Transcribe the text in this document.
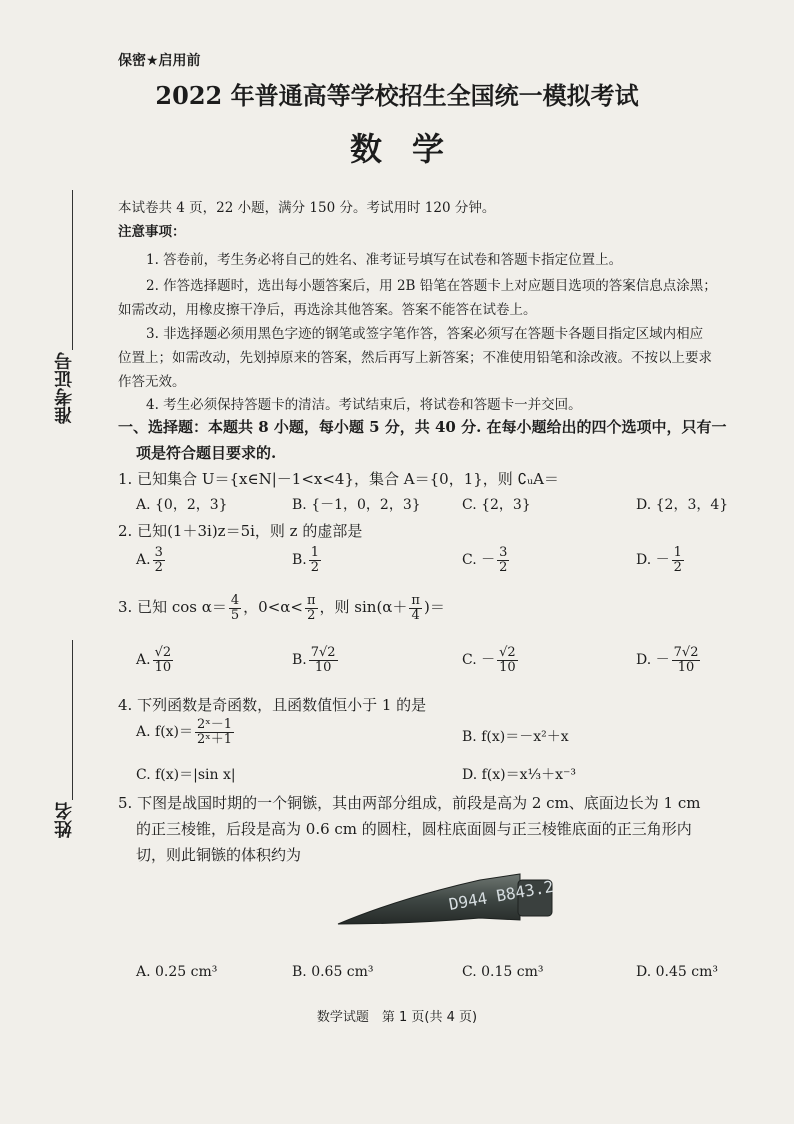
准考证号
姓名
保密★启用前
2022 年普通高等学校招生全国统一模拟考试
数学
本试卷共 4 页，22 小题，满分 150 分。考试用时 120 分钟。
注意事项：
1. 答卷前，考生务必将自己的姓名、准考证号填写在试卷和答题卡指定位置上。
2. 作答选择题时，选出每小题答案后，用 2B 铅笔在答题卡上对应题目选项的答案信息点涂黑；
如需改动，用橡皮擦干净后，再选涂其他答案。答案不能答在试卷上。
3. 非选择题必须用黑色字迹的钢笔或签字笔作答，答案必须写在答题卡各题目指定区域内相应
位置上；如需改动，先划掉原来的答案，然后再写上新答案；不准使用铅笔和涂改液。不按以上要求
作答无效。
4. 考生必须保持答题卡的清洁。考试结束后，将试卷和答题卡一并交回。
一、选择题：本题共 8 小题，每小题 5 分，共 40 分. 在每小题给出的四个选项中，只有一
项是符合题目要求的.
1. 已知集合 U＝{x∈N|－1<x<4}，集合 A＝{0，1}，则 ∁ᵤA＝
A. {0，2，3}	B. {－1，0，2，3}	C. {2，3}	D. {2，3，4}
2. 已知(1＋3i)z＝5i，则 z 的虚部是
A. $\frac{3}{2}$	B. $\frac{1}{2}$	C. － $\frac{3}{2}$	D. － $\frac{1}{2}$
3. 已知 $\cos \alpha= \frac{4}{5}$ ，$0<\alpha< \frac{\pi}{2}$ ，则 $\sin(\alpha+ \frac{\pi}{4}$ )＝
A. $\frac{√2}{10}$	B. $\frac{7√2}{10}$	C. － $\frac{√2}{10}$	D. － $\frac{7√2}{10}$
4. 下列函数是奇函数，且函数值恒小于 1 的是
A. $f(x)= \frac{\text{2ˣ－1}}{\text{2ˣ＋1}}$	B. f(x)＝－x²＋x
C. f(x)＝|sin x|	D. f(x)＝x⅓＋x⁻³
5. 下图是战国时期的一个铜镞，其由两部分组成，前段是高为 2 cm、底面边长为 1 cm
的正三棱锥，后段是高为 0.6 cm 的圆柱，圆柱底面圆与正三棱锥底面的正三角形内
切，则此铜镞的体积约为
D944 B843.2
A. 0.25 cm³	B. 0.65 cm³	C. 0.15 cm³	D. 0.45 cm³
数学试题　第 1 页(共 4 页)
